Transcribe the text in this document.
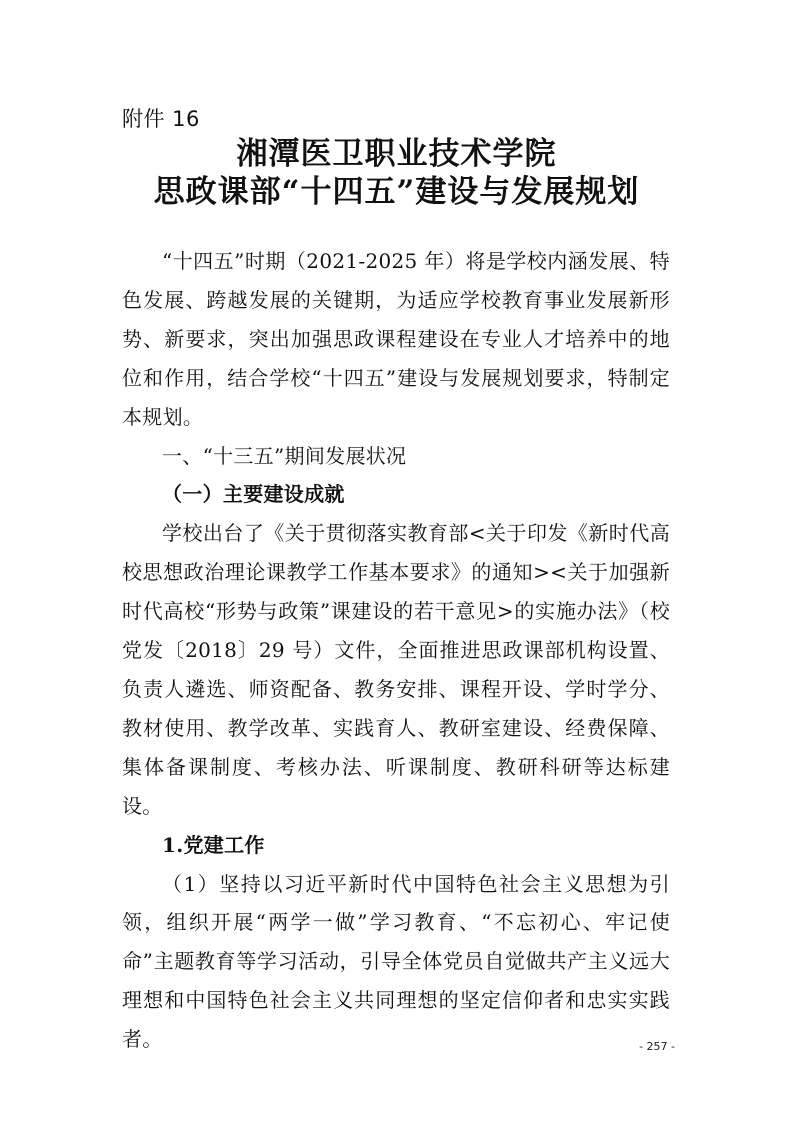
附件 16
湘潭医卫职业技术学院
思政课部“十四五”建设与发展规划

“十四五”时期（2021-2025 年）将是学校内涵发展、特色发展、跨越发展的关键期，为适应学校教育事业发展新形势、新要求，突出加强思政课程建设在专业人才培养中的地位和作用，结合学校“十四五”建设与发展规划要求，特制定本规划。

一、“十三五”期间发展状况

（一）主要建设成就

学校出台了《关于贯彻落实教育部<关于印发《新时代高校思想政治理论课教学工作基本要求》的通知><关于加强新时代高校“形势与政策”课建设的若干意见>的实施办法》（校党发〔2018〕29 号）文件，全面推进思政课部机构设置、负责人遴选、师资配备、教务安排、课程开设、学时学分、教材使用、教学改革、实践育人、教研室建设、经费保障、集体备课制度、考核办法、听课制度、教研科研等达标建设。

1.党建工作

（1）坚持以习近平新时代中国特色社会主义思想为引领，组织开展“两学一做”学习教育、“不忘初心、牢记使命”主题教育等学习活动，引导全体党员自觉做共产主义远大理想和中国特色社会主义共同理想的坚定信仰者和忠实实践者。	- 257 -
